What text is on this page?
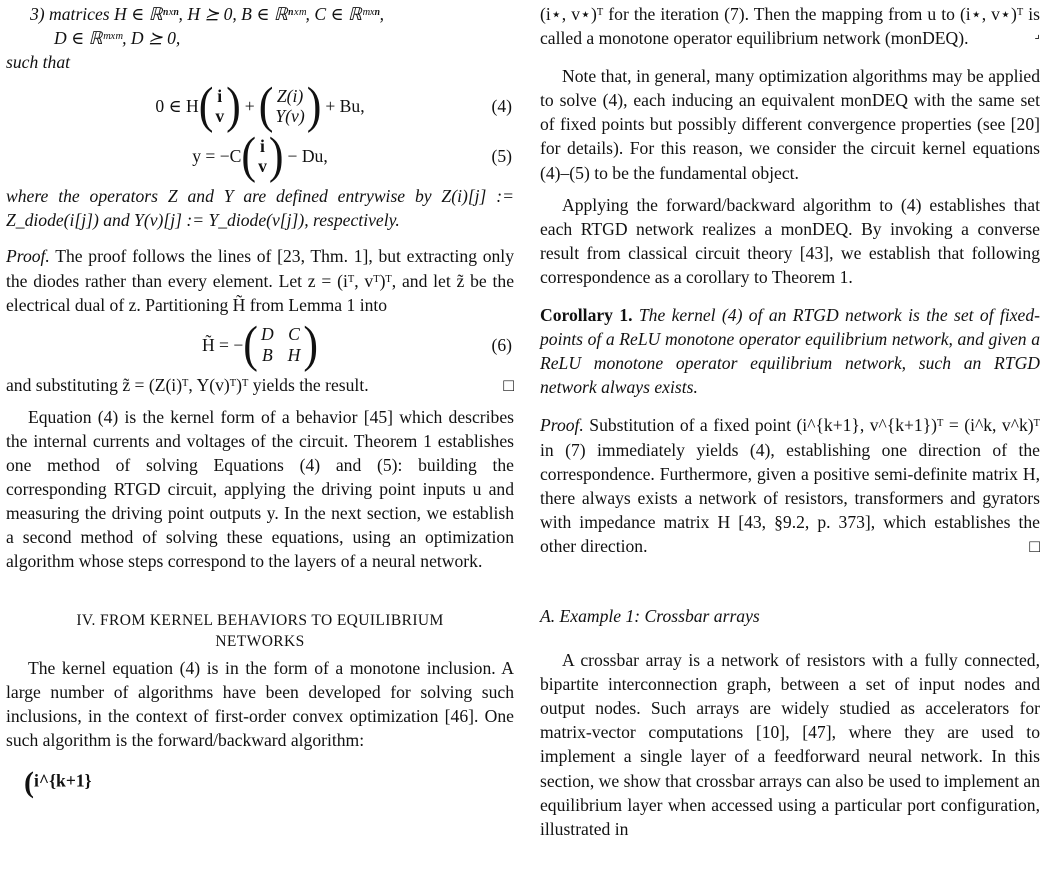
3) matrices H ∈ ℝⁿˣⁿ, H ⪰ 0, B ∈ ℝⁿˣᵐ, C ∈ ℝᵐˣⁿ,
D ∈ ℝᵐˣᵐ, D ⪰ 0,

such that

0 ∈ H ( i
v ) + ( Z(i)
Y(v) ) + Bu,	(4)
y = −C ( i
v ) − Du,	(5)

where the operators Z and Y are defined entrywise by Z(i)[j] := Z_diode(i[j]) and Y(v)[j] := Y_diode(v[j]), respectively.

Proof. The proof follows the lines of [23, Thm. 1], but extracting only the diodes rather than every element. Let z = (iᵀ, vᵀ)ᵀ, and let z̃ be the electrical dual of z. Partitioning H̃ from Lemma 1 into

H̃ = − ( D C
B H )	(6)

and substituting z̃ = (Z(i)ᵀ, Y(v)ᵀ)ᵀ yields the result.	□

Equation (4) is the kernel form of a behavior [45] which describes the internal currents and voltages of the circuit. Theorem 1 establishes one method of solving Equations (4) and (5): building the corresponding RTGD circuit, applying the driving point inputs u and measuring the driving point outputs y. In the next section, we establish a second method of solving these equations, using an optimization algorithm whose steps correspond to the layers of a neural network.

IV. FROM KERNEL BEHAVIORS TO EQUILIBRIUM

NETWORKS

The kernel equation (4) is in the form of a monotone inclusion. A large number of algorithms have been developed for solving such inclusions, in the context of first-order convex optimization [46]. One such algorithm is the forward/backward algorithm:

(i^{k+1}

(i⋆, v⋆)ᵀ for the iteration (7). Then the mapping from u to (i⋆, v⋆)ᵀ is called a monotone operator equilibrium network (monDEQ).	⌟

Note that, in general, many optimization algorithms may be applied to solve (4), each inducing an equivalent monDEQ with the same set of fixed points but possibly different convergence properties (see [20] for details). For this reason, we consider the circuit kernel equations (4)–(5) to be the fundamental object.

Applying the forward/backward algorithm to (4) establishes that each RTGD network realizes a monDEQ. By invoking a converse result from classical circuit theory [43], we establish that following correspondence as a corollary to Theorem 1.

Corollary 1. The kernel (4) of an RTGD network is the set of fixed-points of a ReLU monotone operator equilibrium network, and given a ReLU monotone operator equilibrium network, such an RTGD network always exists.

Proof. Substitution of a fixed point (i^{k+1}, v^{k+1})ᵀ = (i^k, v^k)ᵀ in (7) immediately yields (4), establishing one direction of the correspondence. Furthermore, given a positive semi-definite matrix H, there always exists a network of resistors, transformers and gyrators with impedance matrix H [43, §9.2, p. 373], which establishes the other direction.	□

A. Example 1: Crossbar arrays

A crossbar array is a network of resistors with a fully connected, bipartite interconnection graph, between a set of input nodes and output nodes. Such arrays are widely studied as accelerators for matrix-vector computations [10], [47], where they are used to implement a single layer of a feedforward neural network. In this section, we show that crossbar arrays can also be used to implement an equilibrium layer when accessed using a particular port configuration, illustrated in
